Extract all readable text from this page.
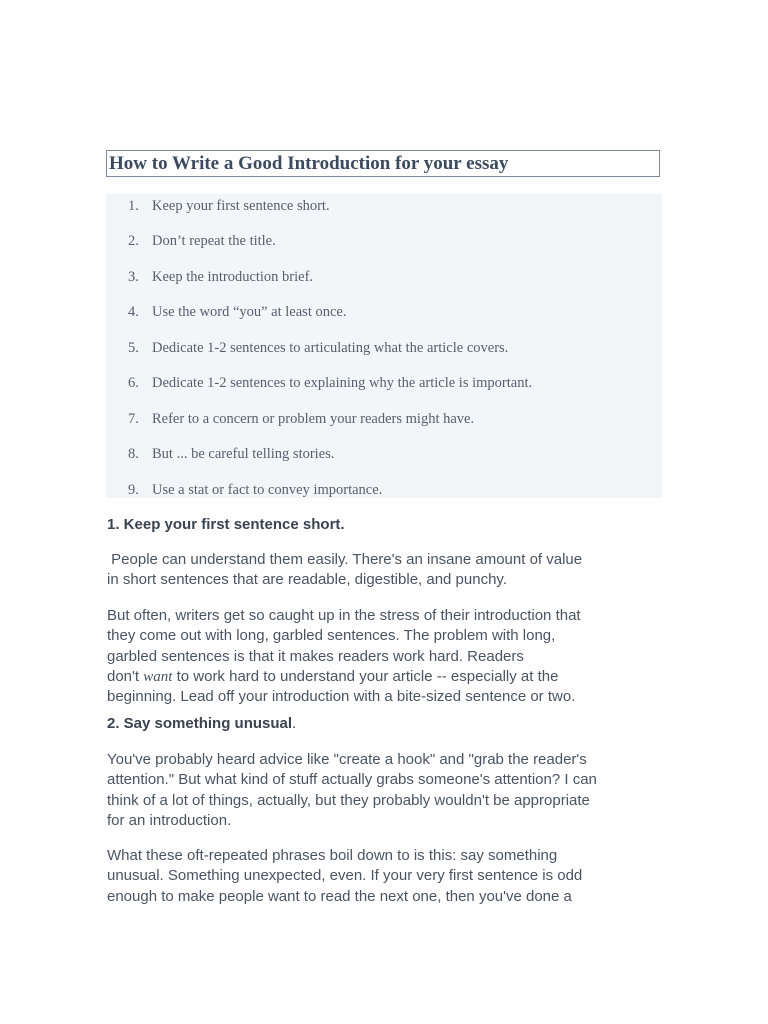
How to Write a Good Introduction for your essay
1. Keep your first sentence short.
2. Don’t repeat the title.
3. Keep the introduction brief.
4. Use the word “you” at least once.
5. Dedicate 1-2 sentences to articulating what the article covers.
6. Dedicate 1-2 sentences to explaining why the article is important.
7. Refer to a concern or problem your readers might have.
8. But ... be careful telling stories.
9. Use a stat or fact to convey importance.
1. Keep your first sentence short.
People can understand them easily. There's an insane amount of value
in short sentences that are readable, digestible, and punchy.
But often, writers get so caught up in the stress of their introduction that
they come out with long, garbled sentences. The problem with long,
garbled sentences is that it makes readers work hard. Readers
don't want to work hard to understand your article -- especially at the
beginning. Lead off your introduction with a bite-sized sentence or two.
2. Say something unusual.
You've probably heard advice like "create a hook" and "grab the reader's
attention." But what kind of stuff actually grabs someone's attention? I can
think of a lot of things, actually, but they probably wouldn't be appropriate
for an introduction.
What these oft-repeated phrases boil down to is this: say something
unusual. Something unexpected, even. If your very first sentence is odd
enough to make people want to read the next one, then you've done a
